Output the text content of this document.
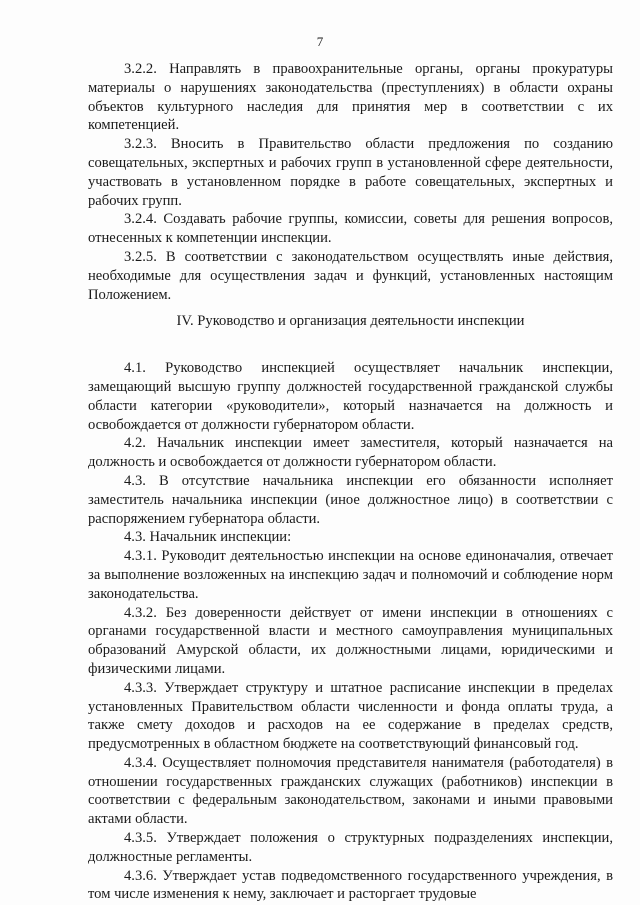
7

3.2.2. Направлять в правоохранительные органы, органы прокуратуры материалы о нарушениях законодательства (преступлениях) в области охраны объектов культурного наследия для принятия мер в соответствии с их компетенцией.

3.2.3. Вносить в Правительство области предложения по созданию совещательных, экспертных и рабочих групп в установленной сфере деятельности, участвовать в установленном порядке в работе совещательных, экспертных и рабочих групп.

3.2.4. Создавать рабочие группы, комиссии, советы для решения вопросов, отнесенных к компетенции инспекции.

3.2.5. В соответствии с законодательством осуществлять иные действия, необходимые для осуществления задач и функций, установленных настоящим Положением.

IV. Руководство и организация деятельности инспекции

4.1. Руководство инспекцией осуществляет начальник инспекции, замещающий высшую группу должностей государственной гражданской службы области категории «руководители», который назначается на должность и освобождается от должности губернатором области.

4.2. Начальник инспекции имеет заместителя, который назначается на должность и освобождается от должности губернатором области.

4.3. В отсутствие начальника инспекции его обязанности исполняет заместитель начальника инспекции (иное должностное лицо) в соответствии с распоряжением губернатора области.

4.3. Начальник инспекции:

4.3.1. Руководит деятельностью инспекции на основе единоначалия, отвечает за выполнение возложенных на инспекцию задач и полномочий и соблюдение норм законодательства.

4.3.2. Без доверенности действует от имени инспекции в отношениях с органами государственной власти и местного самоуправления муниципальных образований Амурской области, их должностными лицами, юридическими и физическими лицами.

4.3.3. Утверждает структуру и штатное расписание инспекции в пределах установленных Правительством области численности и фонда оплаты труда, а также смету доходов и расходов на ее содержание в пределах средств, предусмотренных в областном бюджете на соответствующий финансовый год.

4.3.4. Осуществляет полномочия представителя нанимателя (работодателя) в отношении государственных гражданских служащих (работников) инспекции в соответствии с федеральным законодательством, законами и иными правовыми актами области.

4.3.5. Утверждает положения о структурных подразделениях инспекции, должностные регламенты.

4.3.6. Утверждает устав подведомственного государственного учреждения, в том числе изменения к нему, заключает и расторгает трудовые
